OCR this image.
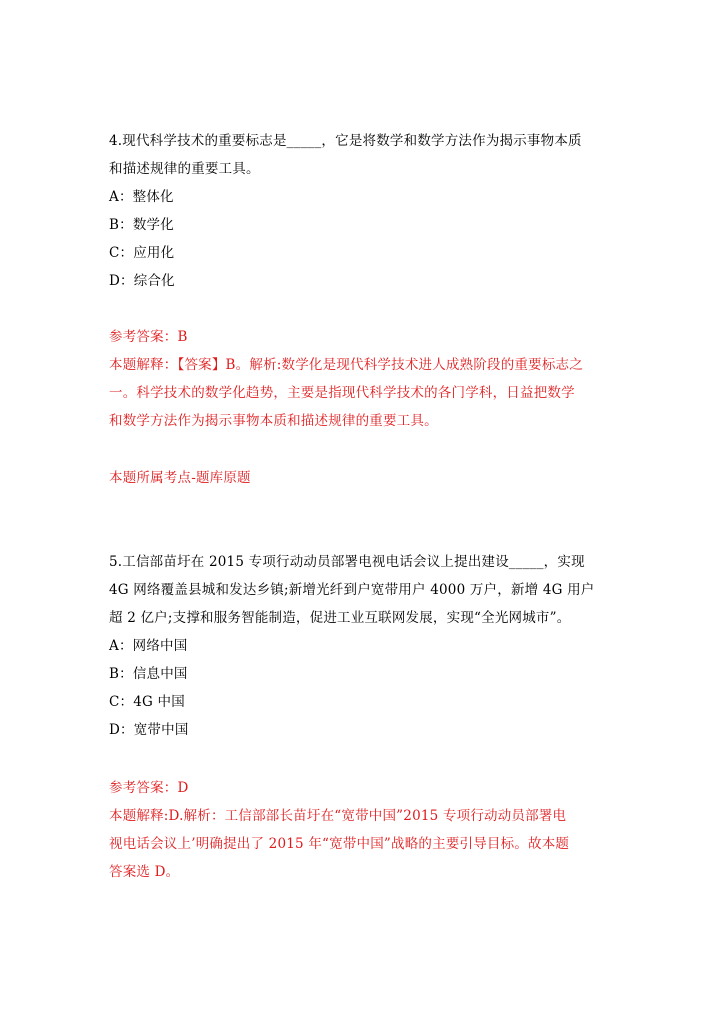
4.现代科学技术的重要标志是_____，它是将数学和数学方法作为揭示事物本质
和描述规律的重要工具。
A：整体化
B：数学化
C：应用化
D：综合化
参考答案：B
本题解释：【答案】B。解析:数学化是现代科学技术进人成熟阶段的重要标志之
一。科学技术的数学化趋势，主要是指现代科学技术的各门学科，日益把数学
和数学方法作为揭示事物本质和描述规律的重要工具。
本题所属考点-题库原题
5.工信部苗圩在 2015 专项行动动员部署电视电话会议上提出建设_____，实现
4G 网络覆盖县城和发达乡镇;新增光纤到户宽带用户 4000 万户，新增 4G 用户
超 2 亿户;支撑和服务智能制造，促进工业互联网发展，实现“全光网城市”。
A：网络中国
B：信息中国
C：4G 中国
D：宽带中国
参考答案：D
本题解释:D.解析：工信部部长苗圩在“宽带中国”2015 专项行动动员部署电
视电话会议上’明确提出了 2015 年“宽带中国”战略的主要引导目标。故本题
答案选 D。
